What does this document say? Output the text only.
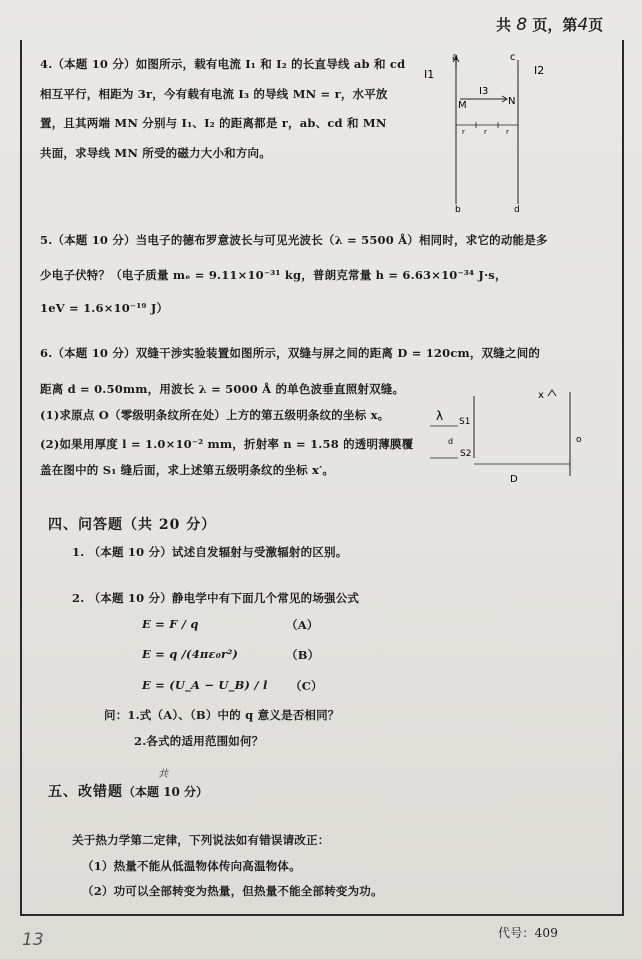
共 8 页，第4页
4.（本题 10 分）如图所示，载有电流 I₁ 和 I₂ 的长直导线 ab 和 cd
相互平行，相距为 3r，今有载有电流 I₃ 的导线 MN = r，水平放
置，且其两端 MN 分别与 I₁、I₂ 的距离都是 r，ab、cd 和 MN
共面，求导线 MN 所受的磁力大小和方向。
a	c
I1	I2
I3
M	N
r	r	r
b	d
5.（本题 10 分）当电子的德布罗意波长与可见光波长（λ = 5500 Å）相同时，求它的动能是多
少电子伏特？（电子质量 mₑ = 9.11×10⁻³¹ kg，普朗克常量 h = 6.63×10⁻³⁴ J·s，
1eV = 1.6×10⁻¹⁹ J）
6.（本题 10 分）双缝干涉实验装置如图所示，双缝与屏之间的距离 D = 120cm，双缝之间的
距离 d = 0.50mm，用波长 λ = 5000 Å 的单色波垂直照射双缝。
(1)求原点 O（零级明条纹所在处）上方的第五级明条纹的坐标 x。
(2)如果用厚度 l = 1.0×10⁻² mm，折射率 n = 1.58 的透明薄膜覆
盖在图中的 S₁ 缝后面，求上述第五级明条纹的坐标 x′。
λ S1
S2
d
D
x
o
四、问答题（共 20 分）
1. （本题 10 分）试述自发辐射与受激辐射的区别。
2. （本题 10 分）静电学中有下面几个常见的场强公式
E = F / q	（A）
E = q /(4πε₀r²)	（B）
E = (U_A − U_B) / l （C）
问：1.式（A）、（B）中的 q 意义是否相同？
2.各式的适用范围如何？
五、改错题（本题 10 分）
共
关于热力学第二定律，下列说法如有错误请改正：
（1）热量不能从低温物体传向高温物体。
（2）功可以全部转变为热量，但热量不能全部转变为功。
代号：409
13
